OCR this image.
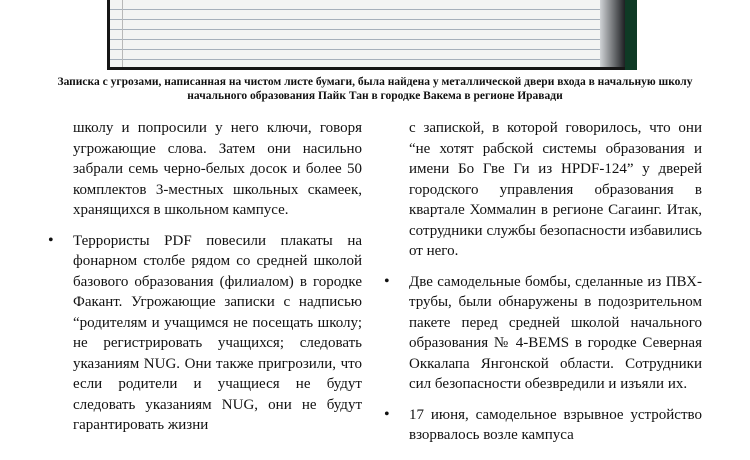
Записка с угрозами, написанная на чистом листе бумаги, была найдена у металлической двери входа в начальную школу начального образования Пайк Тан в городке Вакема в регионе Иравади

школу и попросили у него ключи, говоря угрожающие слова. Затем они насильно забрали семь черно-белых досок и более 50 комплектов 3-местных школьных скамеек, хранящихся в школьном кампусе.

• Террористы PDF повесили плакаты на фонарном столбе рядом со средней школой базового образования (филиалом) в городке Факант. Угрожающие записки с надписью “родителям и учащимся не посещать школу; не регистрировать учащихся; следовать указаниям NUG. Они также пригрозили, что если родители и учащиеся не будут следовать указаниям NUG, они не будут гарантировать жизни

с запиской, в которой говорилось, что они “не хотят рабской системы образования и имени Бо Гве Ги из HPDF-124” у дверей городского управления образования в квартале Хоммалин в регионе Сагаинг. Итак, сотрудники службы безопасности избавились от него.

• Две самодельные бомбы, сделанные из ПВХ-трубы, были обнаружены в подозрительном пакете перед средней школой начального образования № 4-BEMS в городке Северная Оккалапа Янгонской области. Сотрудники сил безопасности обезвредили и изъяли их.

• 17 июня, самодельное взрывное устройство взорвалось возле кампуса
